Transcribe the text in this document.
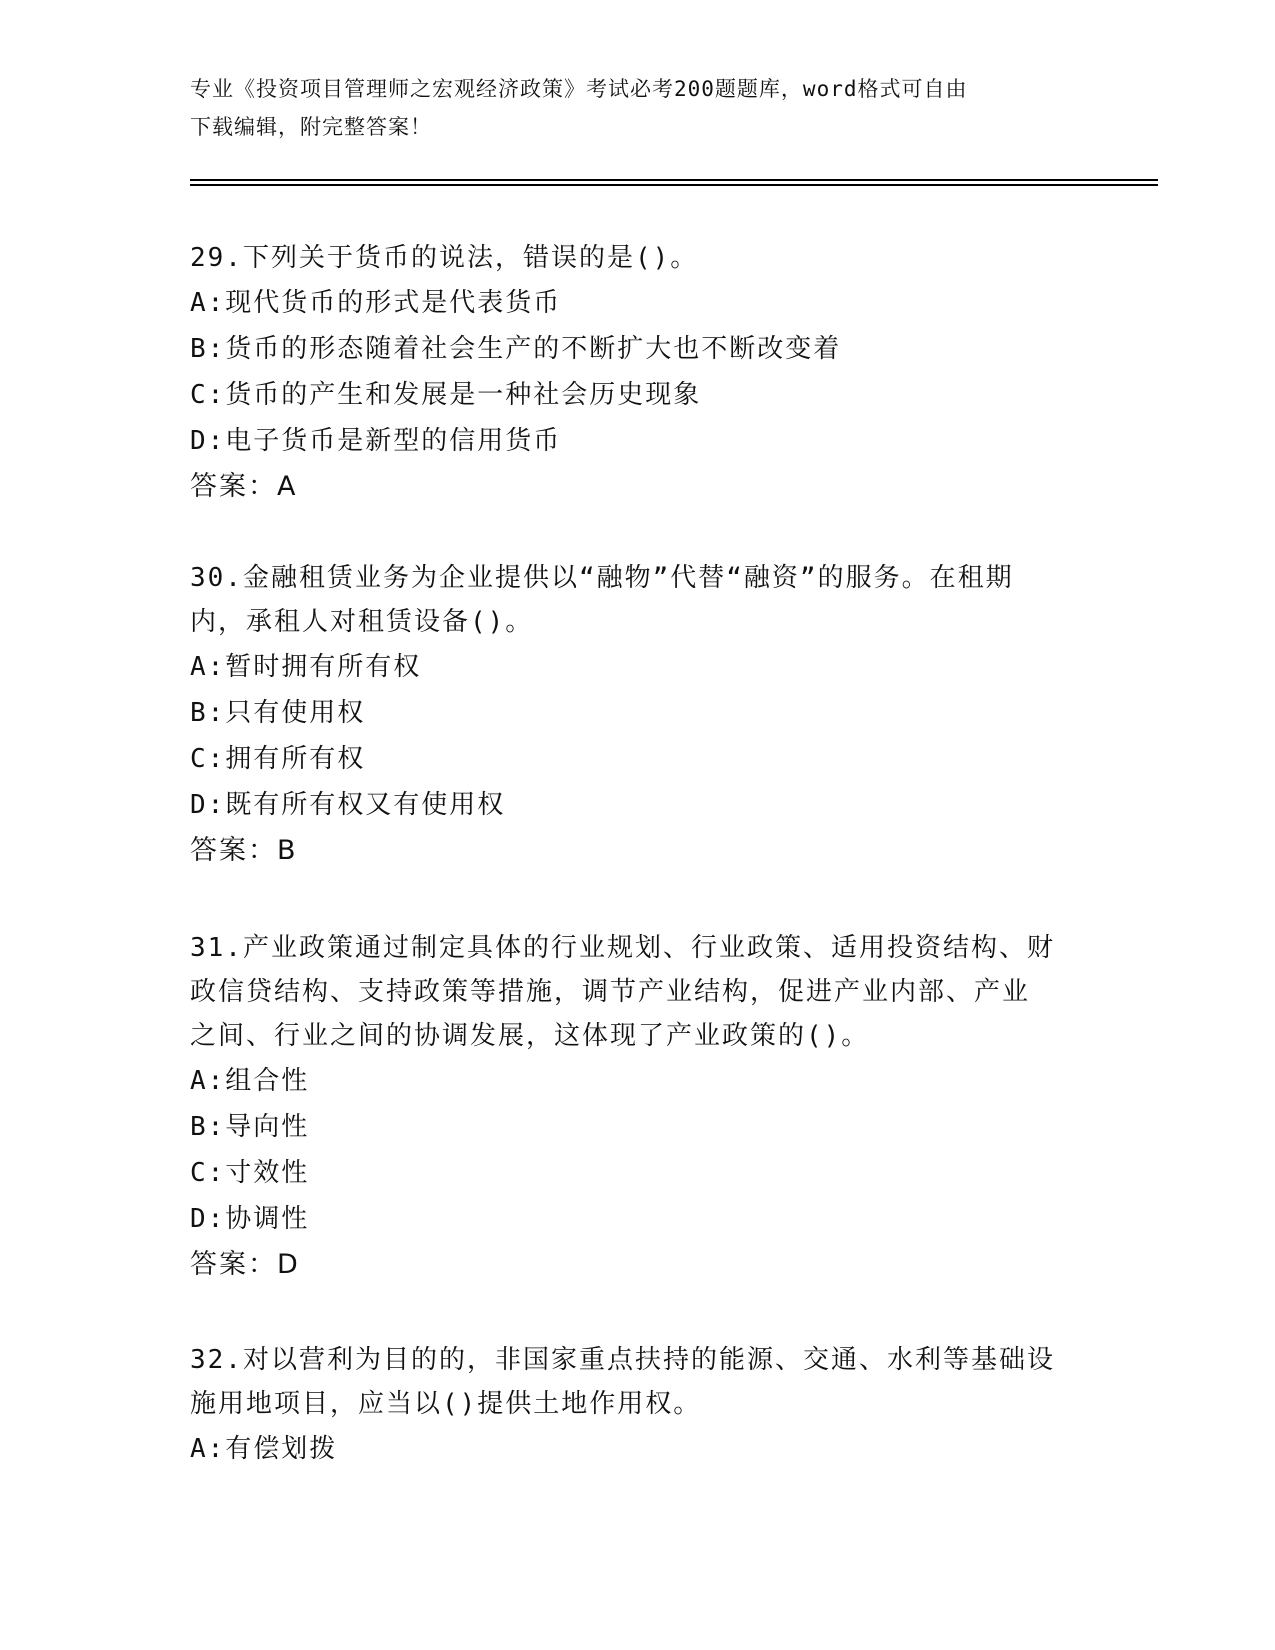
专业《投资项目管理师之宏观经济政策》考试必考200题题库，word格式可自由
下载编辑，附完整答案！

29.下列关于货币的说法，错误的是()。

A:现代货币的形式是代表货币

B:货币的形态随着社会生产的不断扩大也不断改变着

C:货币的产生和发展是一种社会历史现象

D:电子货币是新型的信用货币

答案：A

30.金融租赁业务为企业提供以“融物”代替“融资”的服务。在租期

内，承租人对租赁设备()。

A:暂时拥有所有权

B:只有使用权

C:拥有所有权

D:既有所有权又有使用权

答案：B

31.产业政策通过制定具体的行业规划、行业政策、适用投资结构、财

政信贷结构、支持政策等措施，调节产业结构，促进产业内部、产业

之间、行业之间的协调发展，这体现了产业政策的()。

A:组合性

B:导向性

C:寸效性

D:协调性

答案：D

32.对以营利为目的的，非国家重点扶持的能源、交通、水利等基础设

施用地项目，应当以()提供土地作用权。

A:有偿划拨
